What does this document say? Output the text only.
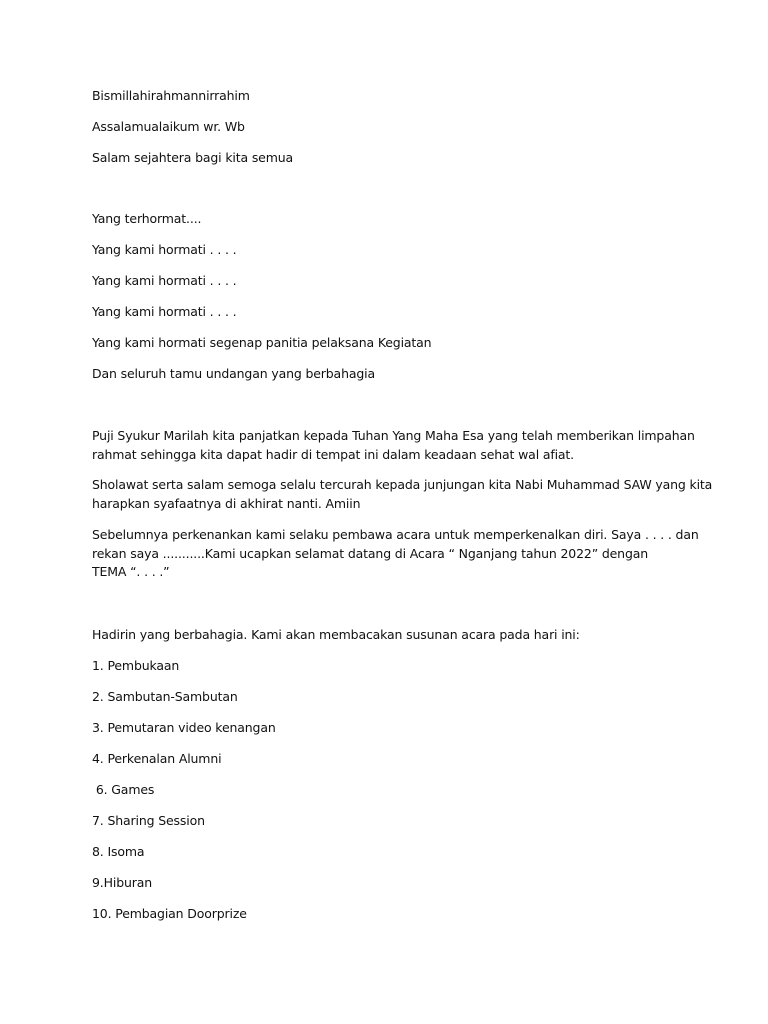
Bismillahirahmannirrahim
Assalamualaikum wr. Wb
Salam sejahtera bagi kita semua
Yang terhormat....
Yang kami hormati . . . .
Yang kami hormati . . . .
Yang kami hormati . . . .
Yang kami hormati segenap panitia pelaksana Kegiatan
Dan seluruh tamu undangan yang berbahagia
Puji Syukur Marilah kita panjatkan kepada Tuhan Yang Maha Esa yang telah memberikan limpahan
rahmat sehingga kita dapat hadir di tempat ini dalam keadaan sehat wal afiat.
Sholawat serta salam semoga selalu tercurah kepada junjungan kita Nabi Muhammad SAW yang kita
harapkan syafaatnya di akhirat nanti. Amiin
Sebelumnya perkenankan kami selaku pembawa acara untuk memperkenalkan diri. Saya . . . . dan
rekan saya ...........Kami ucapkan selamat datang di Acara “ Nganjang tahun 2022” dengan
TEMA “. . . .”
Hadirin yang berbahagia. Kami akan membacakan susunan acara pada hari ini:
1. Pembukaan
2. Sambutan-Sambutan
3. Pemutaran video kenangan
4. Perkenalan Alumni
6. Games
7. Sharing Session
8. Isoma
9.Hiburan
10. Pembagian Doorprize
